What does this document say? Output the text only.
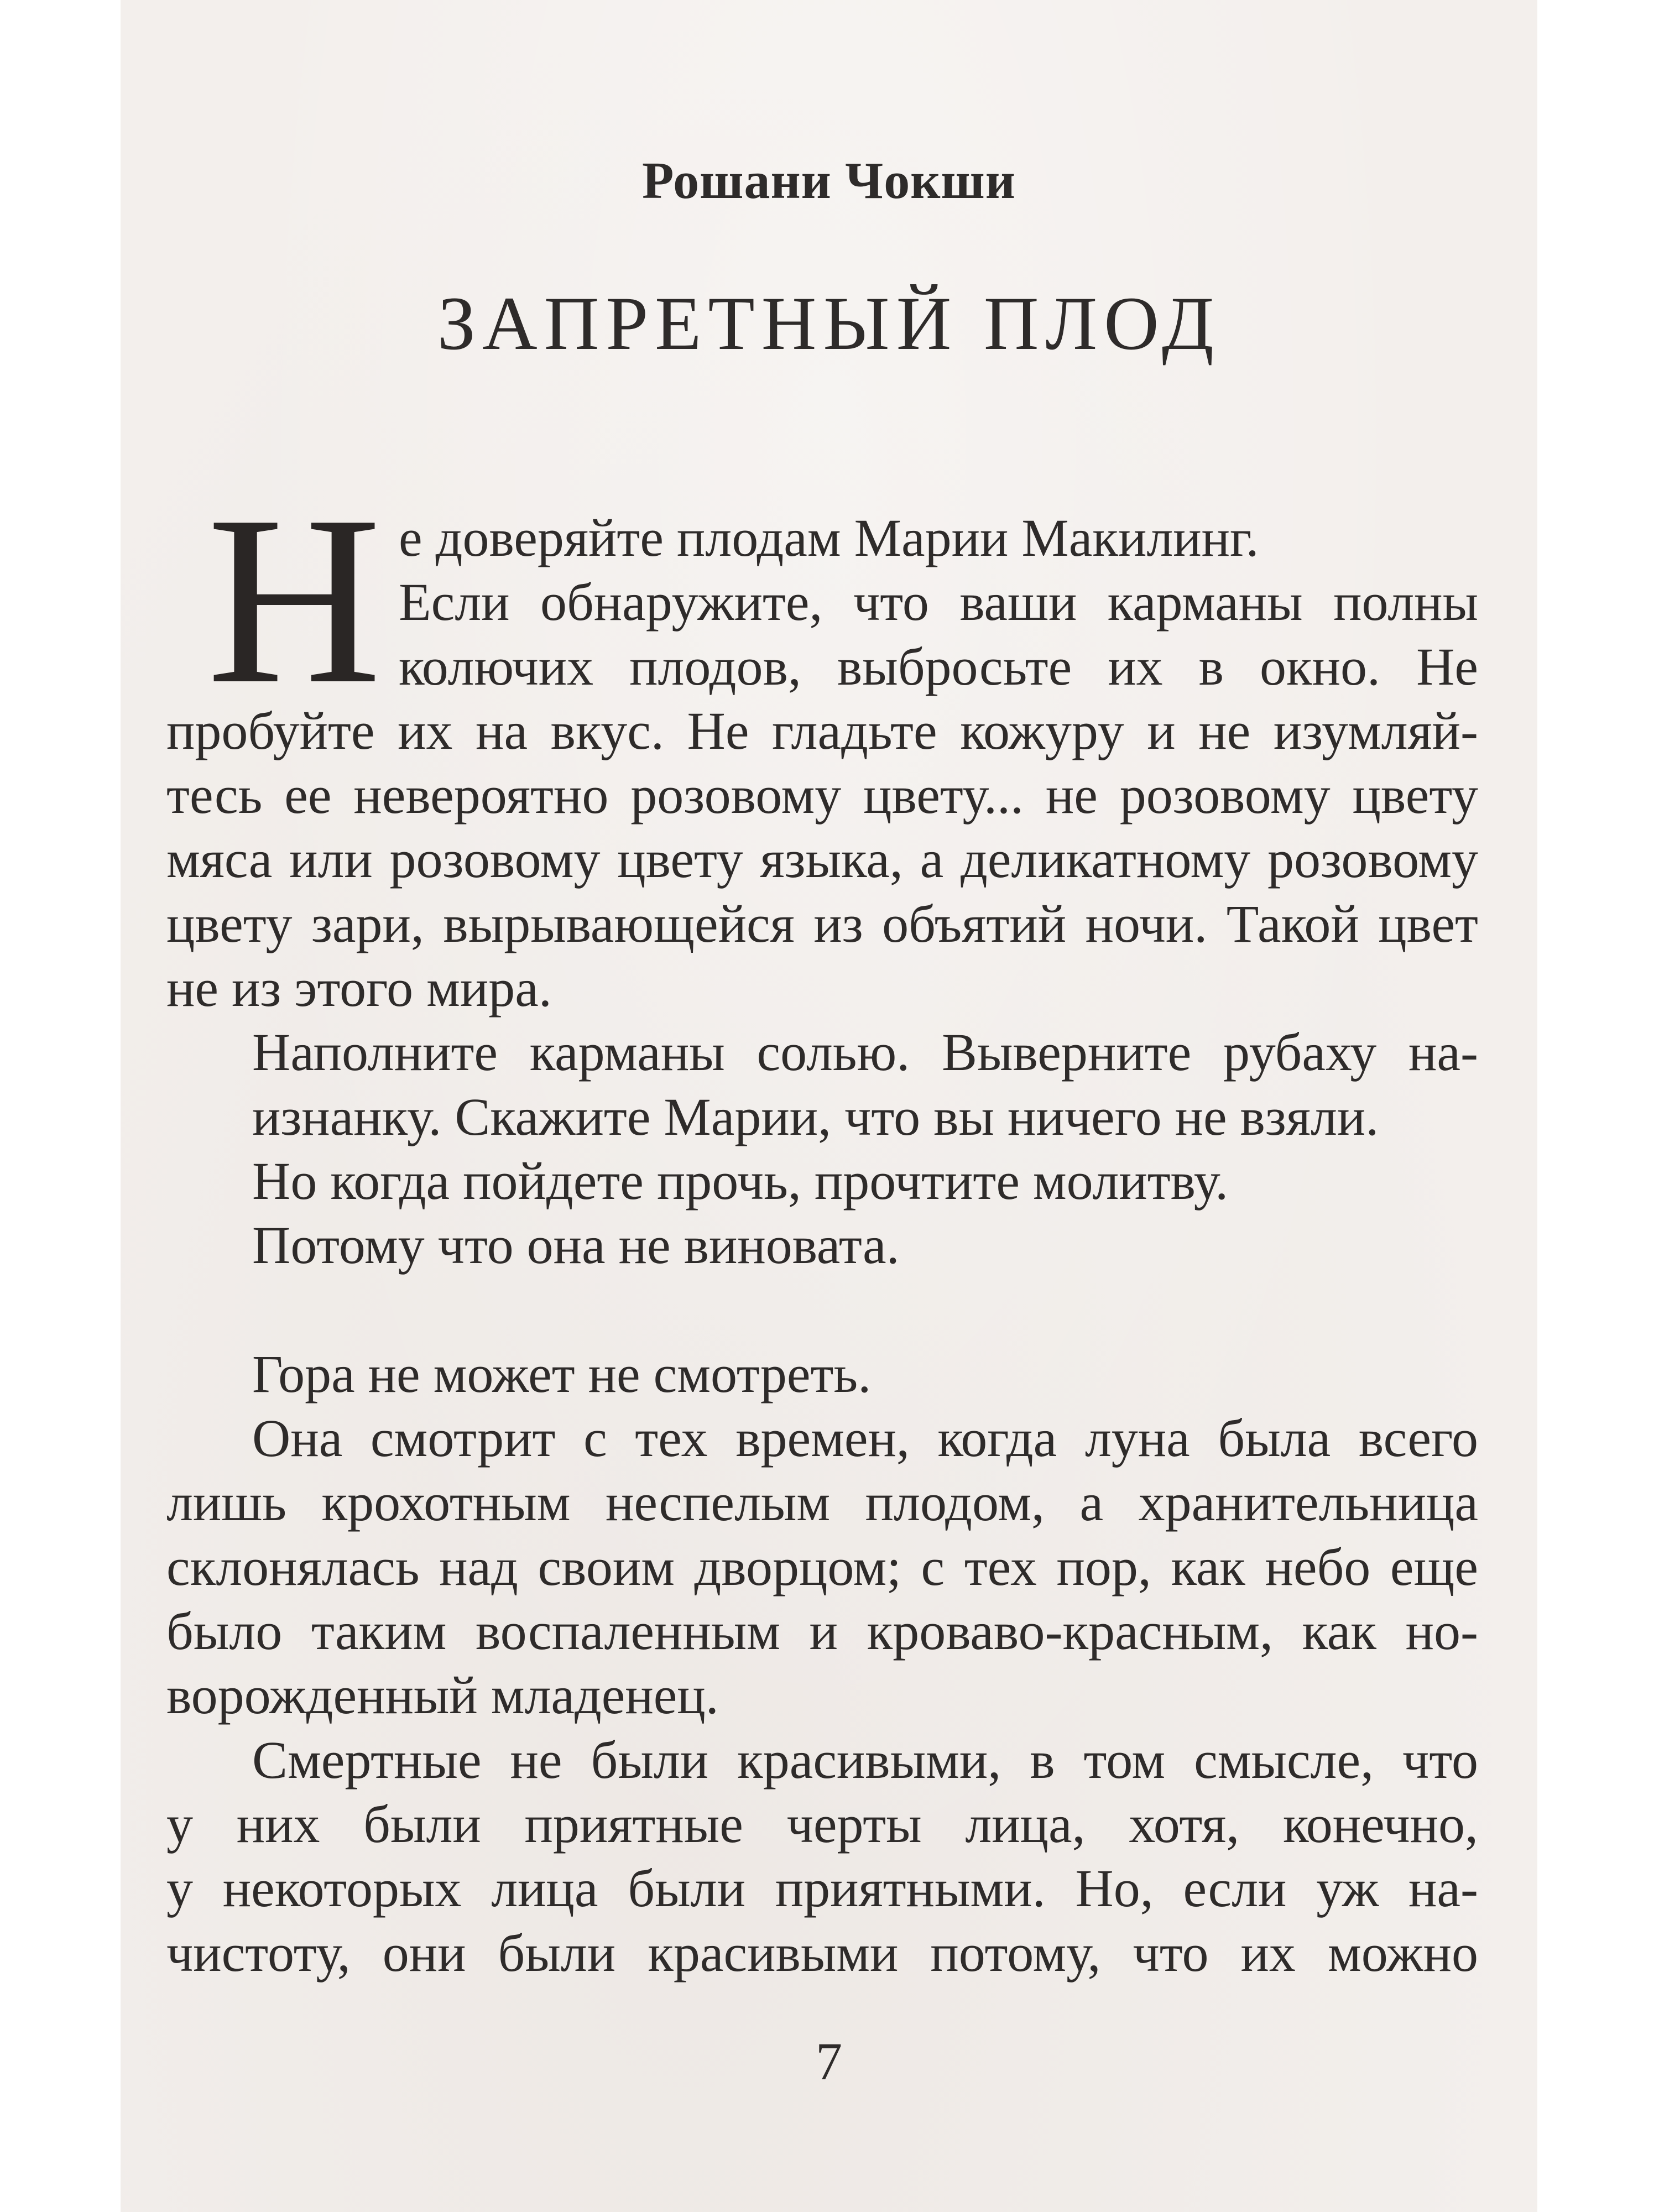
Рошани Чокши
ЗАПРЕТНЫЙ ПЛОД
Н е доверяйте плодам Марии Макилинг.
Если обнаружите, что ваши карманы полны
колючих плодов, выбросьте их в окно. Не
пробуйте их на вкус. Не гладьте кожуру и не изумляй-
тесь ее невероятно розовому цвету... не розовому цвету
мяса или розовому цвету языка, а деликатному розовому
цвету зари, вырывающейся из объятий ночи. Такой цвет
не из этого мира.
Наполните карманы солью. Выверните рубаху на-
изнанку. Скажите Марии, что вы ничего не взяли.
Но когда пойдете прочь, прочтите молитву.
Потому что она не виновата.
Гора не может не смотреть.
Она смотрит с тех времен, когда луна была всего
лишь крохотным неспелым плодом, а хранительница
склонялась над своим дворцом; с тех пор, как небо еще
было таким воспаленным и кроваво-красным, как но-
ворожденный младенец.
Смертные не были красивыми, в том смысле, что
у них были приятные черты лица, хотя, конечно,
у некоторых лица были приятными. Но, если уж на-
чистоту, они были красивыми потому, что их можно
7
